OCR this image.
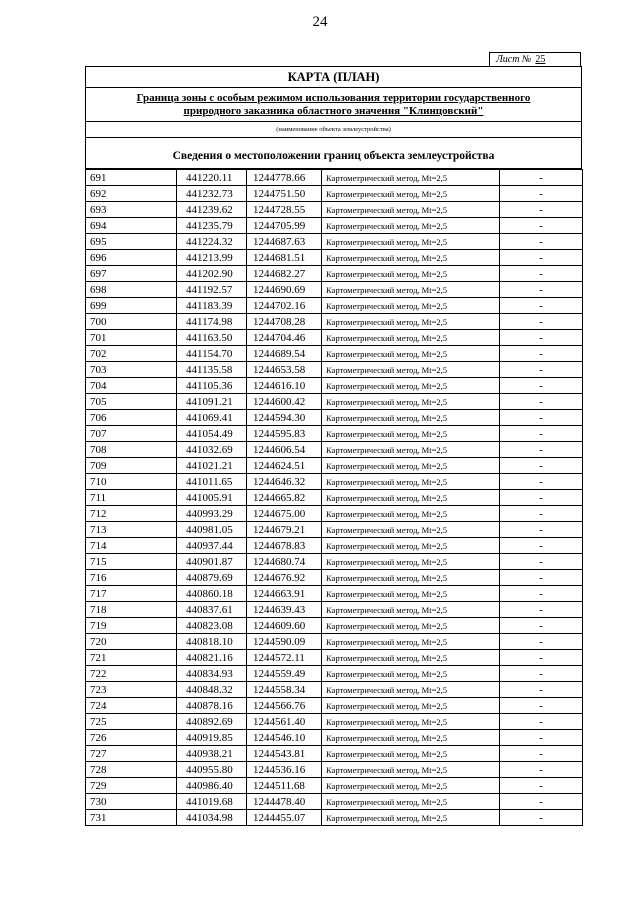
24
Лист № 25
КАРТА (ПЛАН)
Граница зоны с особым режимом использования территории государственного
природного заказника областного значения "Клинцовский"
(наименование объекта землеустройства)
Сведения о местоположении границ объекта землеустройства
691	441220.11	1244778.66	Картометрический метод, Mt=2,5	-
692	441232.73	1244751.50	Картометрический метод, Mt=2,5	-
693	441239.62	1244728.55	Картометрический метод, Mt=2,5	-
694	441235.79	1244705.99	Картометрический метод, Mt=2,5	-
695	441224.32	1244687.63	Картометрический метод, Mt=2,5	-
696	441213.99	1244681.51	Картометрический метод, Mt=2,5	-
697	441202.90	1244682.27	Картометрический метод, Mt=2,5	-
698	441192.57	1244690.69	Картометрический метод, Mt=2,5	-
699	441183.39	1244702.16	Картометрический метод, Mt=2,5	-
700	441174.98	1244708.28	Картометрический метод, Mt=2,5	-
701	441163.50	1244704.46	Картометрический метод, Mt=2,5	-
702	441154.70	1244689.54	Картометрический метод, Mt=2,5	-
703	441135.58	1244653.58	Картометрический метод, Mt=2,5	-
704	441105.36	1244616.10	Картометрический метод, Mt=2,5	-
705	441091.21	1244600.42	Картометрический метод, Mt=2,5	-
706	441069.41	1244594.30	Картометрический метод, Mt=2,5	-
707	441054.49	1244595.83	Картометрический метод, Mt=2,5	-
708	441032.69	1244606.54	Картометрический метод, Mt=2,5	-
709	441021.21	1244624.51	Картометрический метод, Mt=2,5	-
710	441011.65	1244646.32	Картометрический метод, Mt=2,5	-
711	441005.91	1244665.82	Картометрический метод, Mt=2,5	-
712	440993.29	1244675.00	Картометрический метод, Mt=2,5	-
713	440981.05	1244679.21	Картометрический метод, Mt=2,5	-
714	440937.44	1244678.83	Картометрический метод, Mt=2,5	-
715	440901.87	1244680.74	Картометрический метод, Mt=2,5	-
716	440879.69	1244676.92	Картометрический метод, Mt=2,5	-
717	440860.18	1244663.91	Картометрический метод, Mt=2,5	-
718	440837.61	1244639.43	Картометрический метод, Mt=2,5	-
719	440823.08	1244609.60	Картометрический метод, Mt=2,5	-
720	440818.10	1244590.09	Картометрический метод, Mt=2,5	-
721	440821.16	1244572.11	Картометрический метод, Mt=2,5	-
722	440834.93	1244559.49	Картометрический метод, Mt=2,5	-
723	440848.32	1244558.34	Картометрический метод, Mt=2,5	-
724	440878.16	1244566.76	Картометрический метод, Mt=2,5	-
725	440892.69	1244561.40	Картометрический метод, Mt=2,5	-
726	440919.85	1244546.10	Картометрический метод, Mt=2,5	-
727	440938.21	1244543.81	Картометрический метод, Mt=2,5	-
728	440955.80	1244536.16	Картометрический метод, Mt=2,5	-
729	440986.40	1244511.68	Картометрический метод, Mt=2,5	-
730	441019.68	1244478.40	Картометрический метод, Mt=2,5	-
731	441034.98	1244455.07	Картометрический метод, Mt=2,5	-
